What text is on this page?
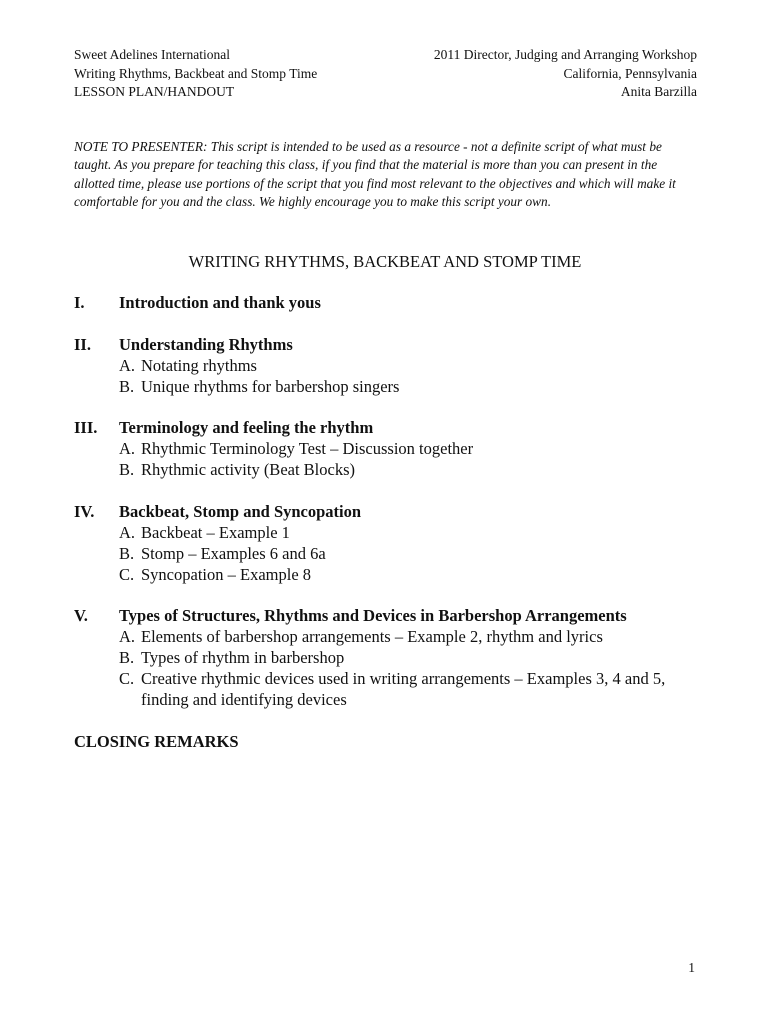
Sweet Adelines International	2011 Director, Judging and Arranging Workshop
Writing Rhythms, Backbeat and Stomp Time	California, Pennsylvania
LESSON PLAN/HANDOUT	Anita Barzilla
NOTE TO PRESENTER: This script is intended to be used as a resource - not a definite script of what must be taught. As you prepare for teaching this class, if you find that the material is more than you can present in the allotted time, please use portions of the script that you find most relevant to the objectives and which will make it comfortable for you and the class. We highly encourage you to make this script your own.
WRITING RHYTHMS, BACKBEAT AND STOMP TIME
I.	Introduction and thank yous
II.	Understanding Rhythms
A. Notating rhythms
B. Unique rhythms for barbershop singers
III.	Terminology and feeling the rhythm
A. Rhythmic Terminology Test – Discussion together
B. Rhythmic activity (Beat Blocks)
IV.	Backbeat, Stomp and Syncopation
A. Backbeat – Example 1
B. Stomp – Examples 6 and 6a
C. Syncopation – Example 8
V.	Types of Structures, Rhythms and Devices in Barbershop Arrangements
A. Elements of barbershop arrangements – Example 2, rhythm and lyrics
B. Types of rhythm in barbershop
C. Creative rhythmic devices used in writing arrangements – Examples 3, 4 and 5, finding and identifying devices
CLOSING REMARKS
1
